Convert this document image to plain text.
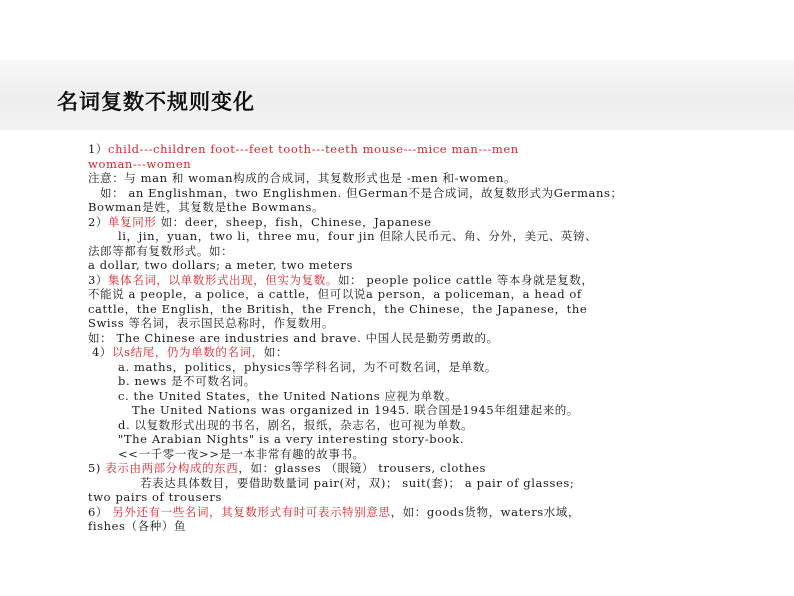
名词复数不规则变化
1）child---children foot---feet tooth---teeth mouse---mice man---men
woman---women
注意：与 man 和 woman构成的合成词，其复数形式也是 -men 和-women。
如： an Englishman，two Englishmen. 但German不是合成词，故复数形式为Germans；
Bowman是姓，其复数是the Bowmans。
2）单复同形 如：deer，sheep，fish，Chinese，Japanese
li，jin，yuan，two li，three mu，four jin 但除人民币元、角、分外，美元、英镑、
法郎等都有复数形式。如：
a dollar, two dollars; a meter, two meters
3）集体名词，以单数形式出现，但实为复数。如： people police cattle 等本身就是复数，
不能说 a people，a police，a cattle，但可以说a person，a policeman，a head of
cattle，the English，the British，the French，the Chinese，the Japanese，the
Swiss 等名词，表示国民总称时，作复数用。
如： The Chinese are industries and brave. 中国人民是勤劳勇敢的。
4）以s结尾，仍为单数的名词，如：
a. maths，politics，physics等学科名词，为不可数名词，是单数。
b. news 是不可数名词。
c. the United States，the United Nations 应视为单数。
The United Nations was organized in 1945. 联合国是1945年组建起来的。
d. 以复数形式出现的书名，剧名，报纸，杂志名，也可视为单数。
"The Arabian Nights" is a very interesting story-book.
<<一千零一夜>>是一本非常有趣的故事书。
5) 表示由两部分构成的东西，如：glasses （眼镜） trousers, clothes
若表达具体数目，要借助数量词 pair(对，双)； suit(套)； a pair of glasses;
two pairs of trousers
6） 另外还有一些名词，其复数形式有时可表示特别意思，如：goods货物，waters水域，
fishes（各种）鱼
